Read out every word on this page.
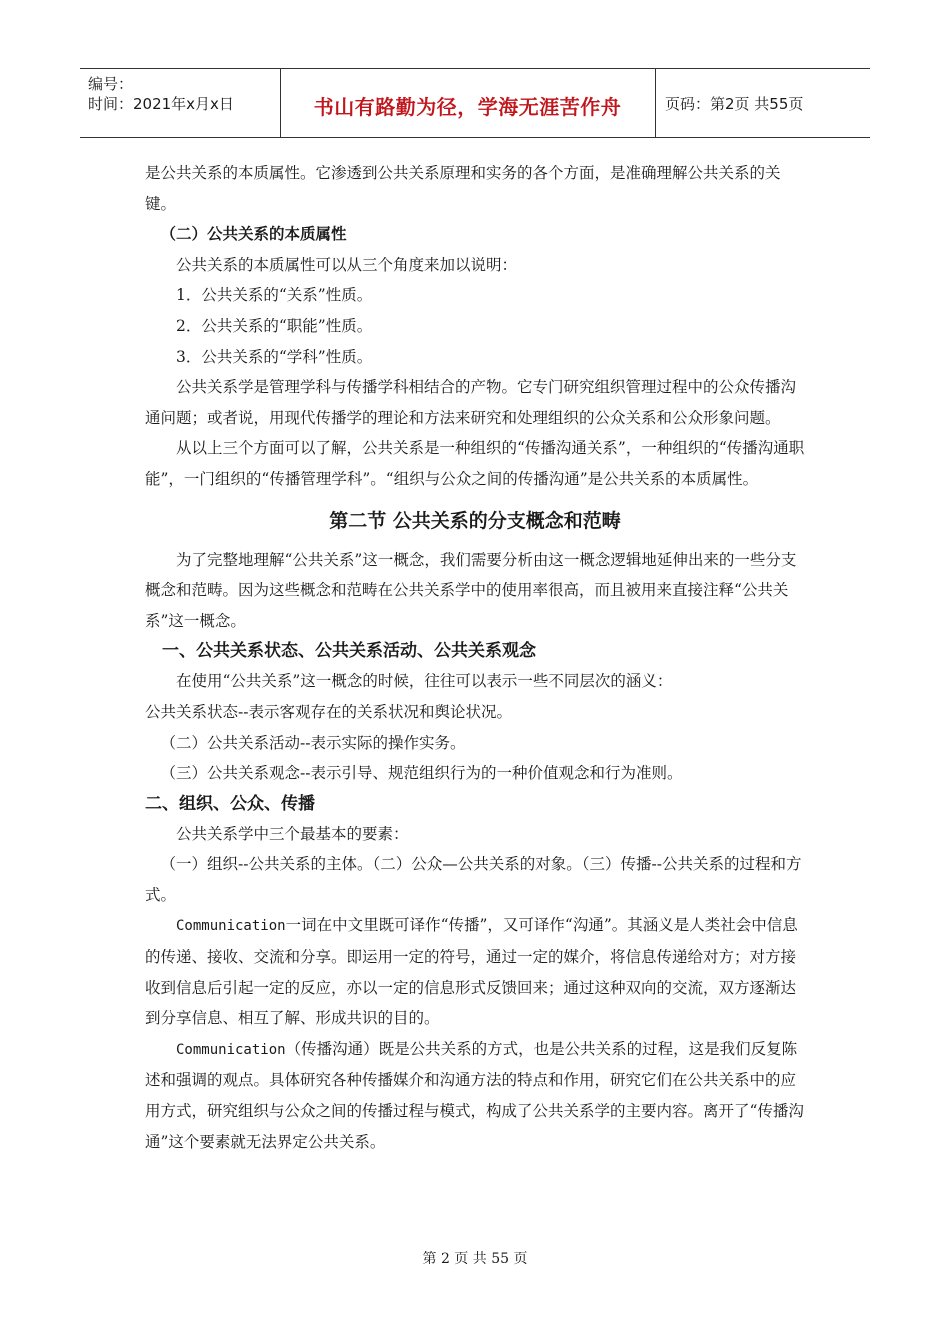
编号：
时间：2021年x月x日	书山有路勤为径，学海无涯苦作舟	页码：第2页 共55页

是公共关系的本质属性。它渗透到公共关系原理和实务的各个方面，是准确理解公共关系的关键。

（二）公共关系的本质属性

公共关系的本质属性可以从三个角度来加以说明：

1．公共关系的“关系”性质。

2．公共关系的“职能”性质。

3．公共关系的“学科”性质。

公共关系学是管理学科与传播学科相结合的产物。它专门研究组织管理过程中的公众传播沟通问题；或者说，用现代传播学的理论和方法来研究和处理组织的公众关系和公众形象问题。

从以上三个方面可以了解，公共关系是一种组织的“传播沟通关系”，一种组织的“传播沟通职能”，一门组织的“传播管理学科”。“组织与公众之间的传播沟通”是公共关系的本质属性。

第二节 公共关系的分支概念和范畴

为了完整地理解“公共关系”这一概念，我们需要分析由这一概念逻辑地延伸出来的一些分支概念和范畴。因为这些概念和范畴在公共关系学中的使用率很高，而且被用来直接注释“公共关系”这一概念。

一、公共关系状态、公共关系活动、公共关系观念

在使用“公共关系”这一概念的时候，往往可以表示一些不同层次的涵义：

公共关系状态--表示客观存在的关系状况和舆论状况。

（二）公共关系活动--表示实际的操作实务。

（三）公共关系观念--表示引导、规范组织行为的一种价值观念和行为准则。

二、组织、公众、传播

公共关系学中三个最基本的要素：

（一）组织--公共关系的主体。（二）公众—公共关系的对象。（三）传播--公共关系的过程和方式。

Communication一词在中文里既可译作“传播”，又可译作“沟通”。其涵义是人类社会中信息的传递、接收、交流和分享。即运用一定的符号，通过一定的媒介，将信息传递给对方；对方接收到信息后引起一定的反应，亦以一定的信息形式反馈回来；通过这种双向的交流，双方逐渐达到分享信息、相互了解、形成共识的目的。

Communication（传播沟通）既是公共关系的方式，也是公共关系的过程，这是我们反复陈述和强调的观点。具体研究各种传播媒介和沟通方法的特点和作用，研究它们在公共关系中的应用方式，研究组织与公众之间的传播过程与模式，构成了公共关系学的主要内容。离开了“传播沟通”这个要素就无法界定公共关系。

第 2 页 共 55 页
